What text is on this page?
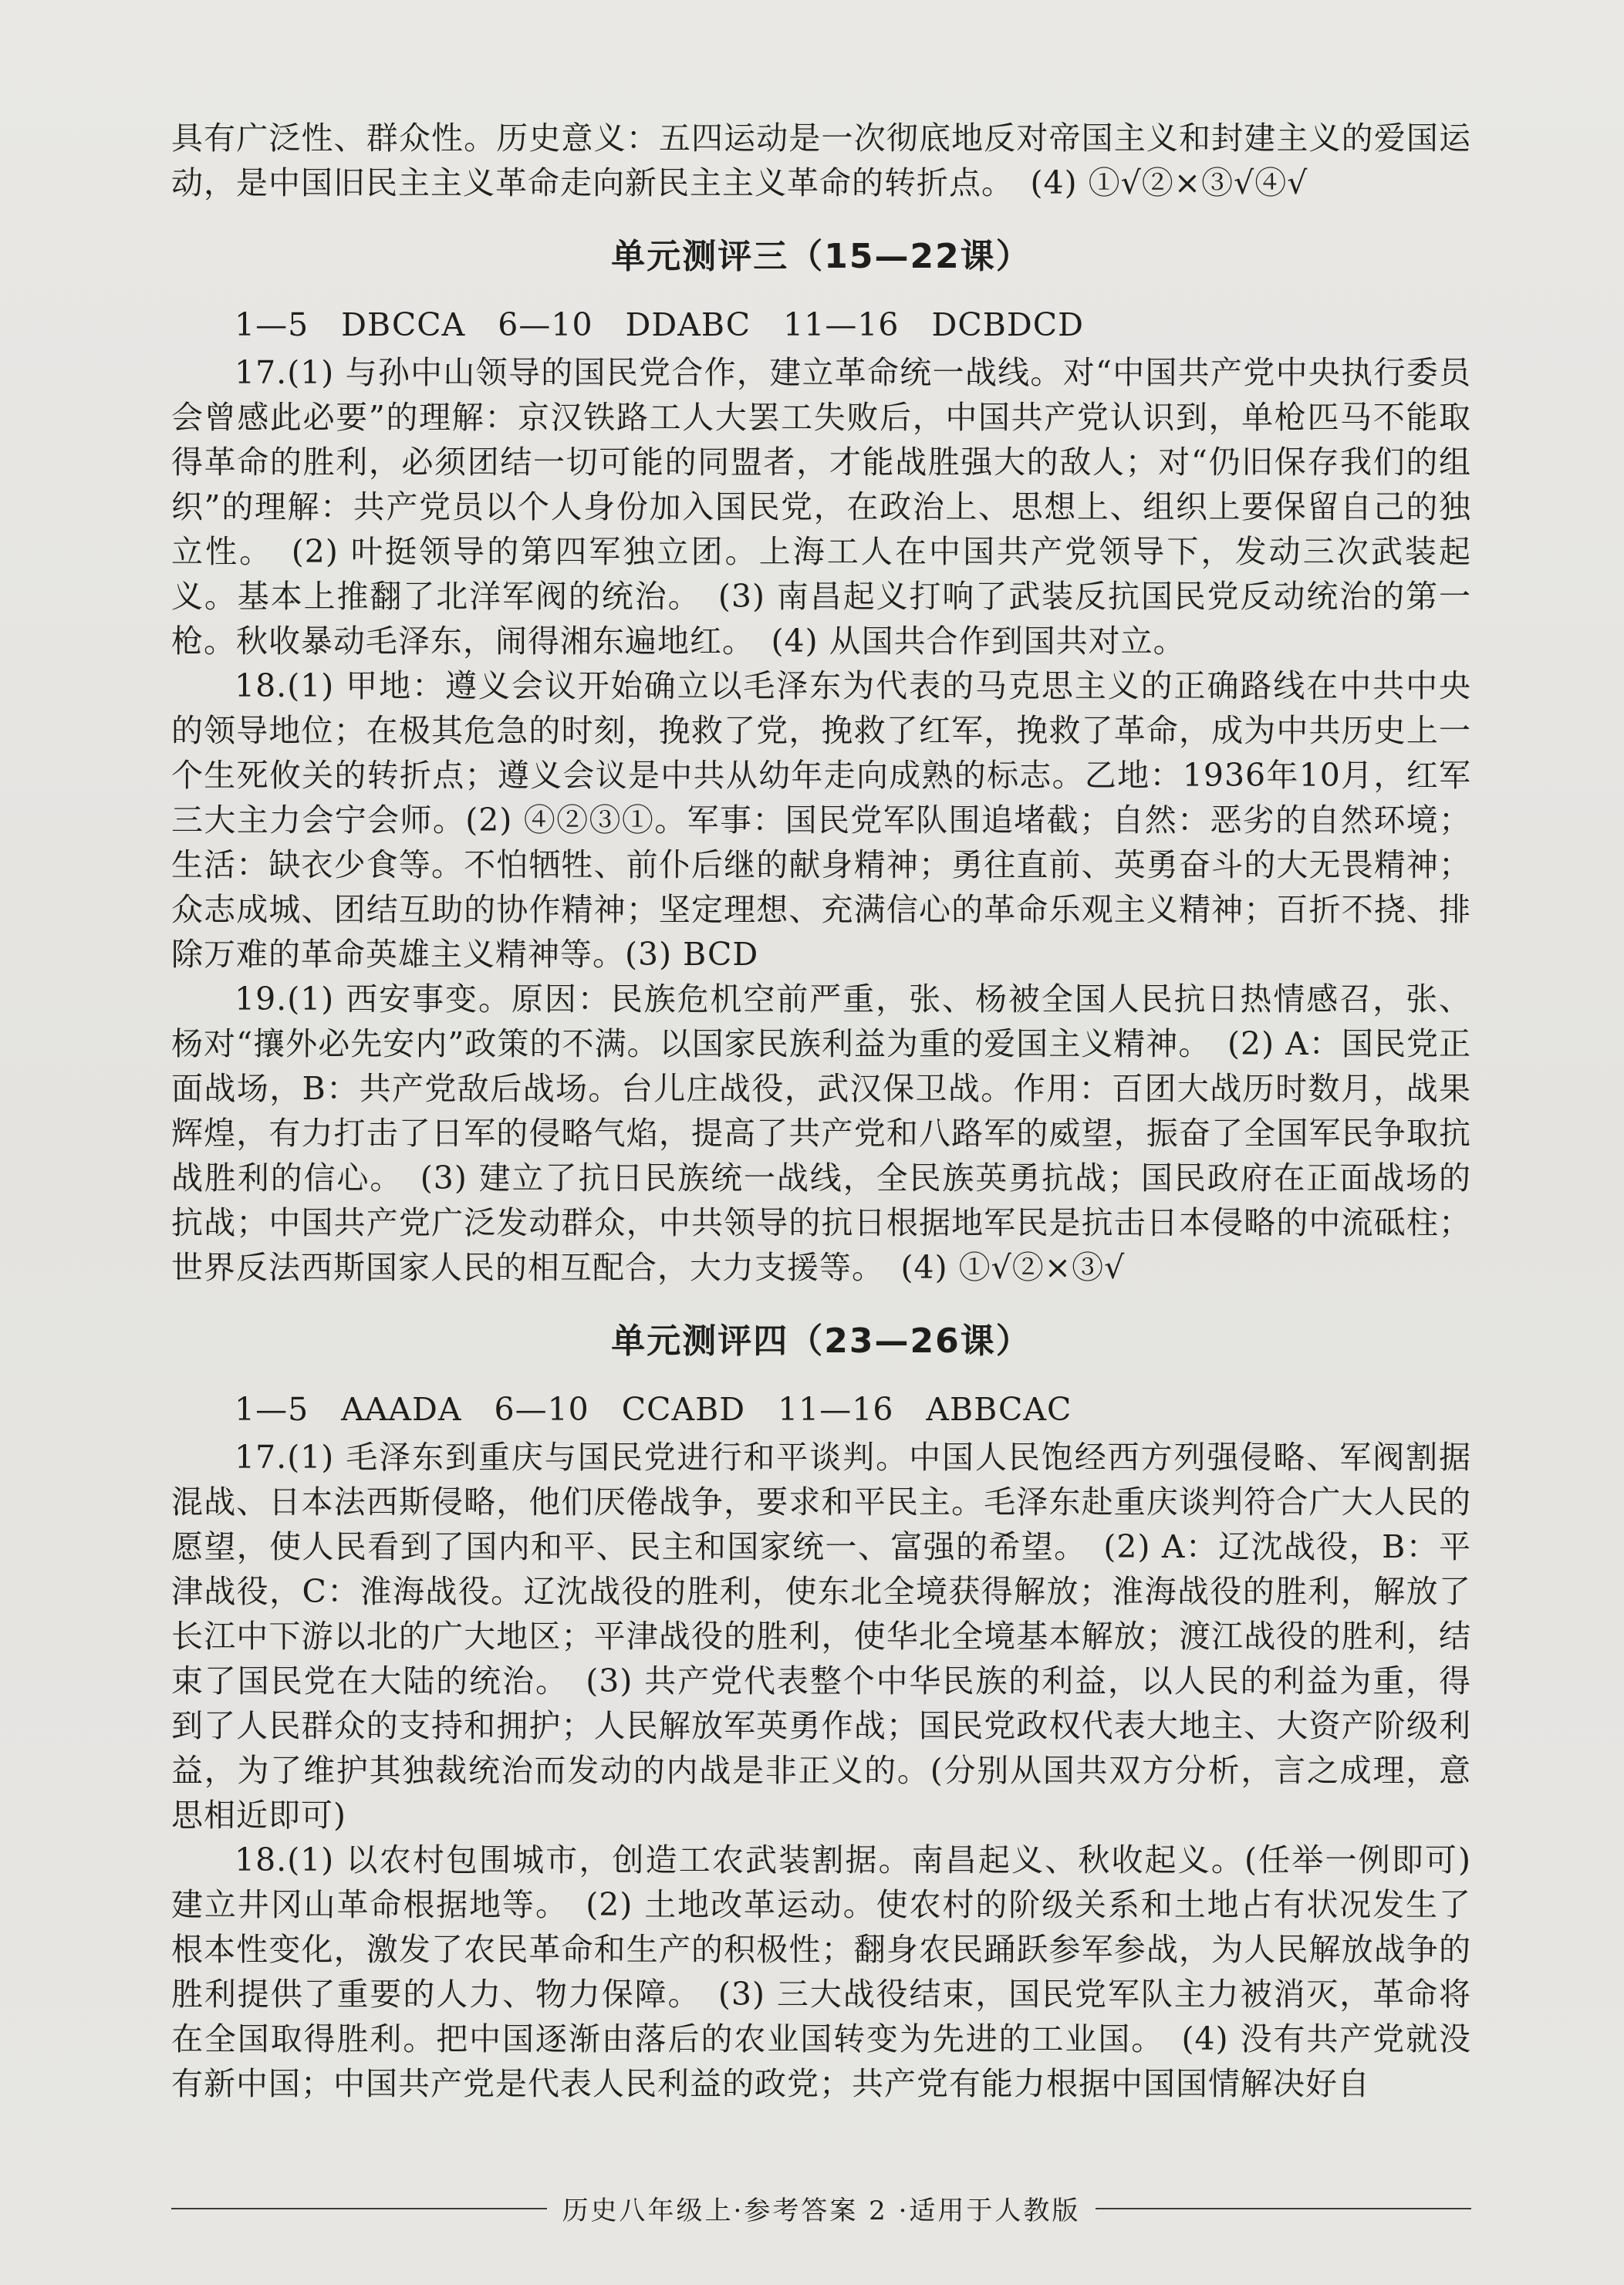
具有广泛性、群众性。历史意义：五四运动是一次彻底地反对帝国主义和封建主义的爱国运动，是中国旧民主主义革命走向新民主主义革命的转折点。　(4) ①√②×③√④√

单元测评三（15—22课）

1—5　DBCCA　6—10　DDABC　11—16　DCBDCD

17.(1) 与孙中山领导的国民党合作，建立革命统一战线。对“中国共产党中央执行委员会曾感此必要”的理解：京汉铁路工人大罢工失败后，中国共产党认识到，单枪匹马不能取得革命的胜利，必须团结一切可能的同盟者，才能战胜强大的敌人；对“仍旧保存我们的组织”的理解：共产党员以个人身份加入国民党，在政治上、思想上、组织上要保留自己的独立性。　(2) 叶挺领导的第四军独立团。上海工人在中国共产党领导下，发动三次武装起义。基本上推翻了北洋军阀的统治。　(3) 南昌起义打响了武装反抗国民党反动统治的第一枪。秋收暴动毛泽东，闹得湘东遍地红。　(4) 从国共合作到国共对立。

18.(1) 甲地：遵义会议开始确立以毛泽东为代表的马克思主义的正确路线在中共中央的领导地位；在极其危急的时刻，挽救了党，挽救了红军，挽救了革命，成为中共历史上一个生死攸关的转折点；遵义会议是中共从幼年走向成熟的标志。乙地：1936年10月，红军三大主力会宁会师。(2) ④②③①。军事：国民党军队围追堵截；自然：恶劣的自然环境；生活：缺衣少食等。不怕牺牲、前仆后继的献身精神；勇往直前、英勇奋斗的大无畏精神；众志成城、团结互助的协作精神；坚定理想、充满信心的革命乐观主义精神；百折不挠、排除万难的革命英雄主义精神等。(3) BCD

19.(1) 西安事变。原因：民族危机空前严重，张、杨被全国人民抗日热情感召，张、杨对“攘外必先安内”政策的不满。以国家民族利益为重的爱国主义精神。　(2) A：国民党正面战场，B：共产党敌后战场。台儿庄战役，武汉保卫战。作用：百团大战历时数月，战果辉煌，有力打击了日军的侵略气焰，提高了共产党和八路军的威望，振奋了全国军民争取抗战胜利的信心。　(3) 建立了抗日民族统一战线，全民族英勇抗战；国民政府在正面战场的抗战；中国共产党广泛发动群众，中共领导的抗日根据地军民是抗击日本侵略的中流砥柱；世界反法西斯国家人民的相互配合，大力支援等。　(4) ①√②×③√

单元测评四（23—26课）

1—5　AAADA　6—10　CCABD　11—16　ABBCAC

17.(1) 毛泽东到重庆与国民党进行和平谈判。中国人民饱经西方列强侵略、军阀割据混战、日本法西斯侵略，他们厌倦战争，要求和平民主。毛泽东赴重庆谈判符合广大人民的愿望，使人民看到了国内和平、民主和国家统一、富强的希望。　(2) A：辽沈战役，B：平津战役，C：淮海战役。辽沈战役的胜利，使东北全境获得解放；淮海战役的胜利，解放了长江中下游以北的广大地区；平津战役的胜利，使华北全境基本解放；渡江战役的胜利，结束了国民党在大陆的统治。　(3) 共产党代表整个中华民族的利益，以人民的利益为重，得到了人民群众的支持和拥护；人民解放军英勇作战；国民党政权代表大地主、大资产阶级利益，为了维护其独裁统治而发动的内战是非正义的。(分别从国共双方分析，言之成理，意思相近即可)

18.(1) 以农村包围城市，创造工农武装割据。南昌起义、秋收起义。(任举一例即可)建立井冈山革命根据地等。　(2) 土地改革运动。使农村的阶级关系和土地占有状况发生了根本性变化，激发了农民革命和生产的积极性；翻身农民踊跃参军参战，为人民解放战争的胜利提供了重要的人力、物力保障。　(3) 三大战役结束，国民党军队主力被消灭，革命将在全国取得胜利。把中国逐渐由落后的农业国转变为先进的工业国。　(4) 没有共产党就没有新中国；中国共产党是代表人民利益的政党；共产党有能力根据中国国情解决好自

历史八年级上·参考答案 2 ·适用于人教版
